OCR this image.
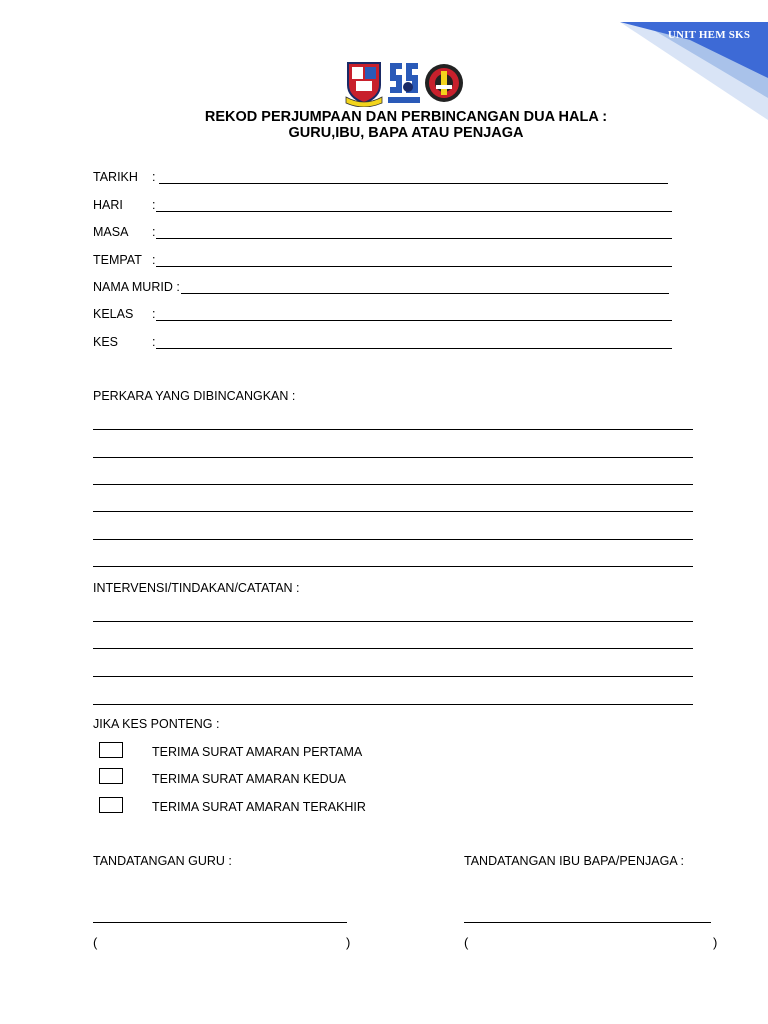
UNIT HEM SKS
REKOD PERJUMPAAN DAN PERBINCANGAN DUA HALA :
GURU,IBU, BAPA ATAU PENJAGA
TARIKH :
HARI :
MASA :
TEMPAT :
NAMA MURID :
KELAS :
KES	:
PERKARA YANG DIBINCANGKAN :
INTERVENSI/TINDAKAN/CATATAN :
JIKA KES PONTENG :
TERIMA SURAT AMARAN PERTAMA
TERIMA SURAT AMARAN KEDUA
TERIMA SURAT AMARAN TERAKHIR
TANDATANGAN GURU :	TANDATANGAN IBU BAPA/PENJAGA :
(	)	(	)
